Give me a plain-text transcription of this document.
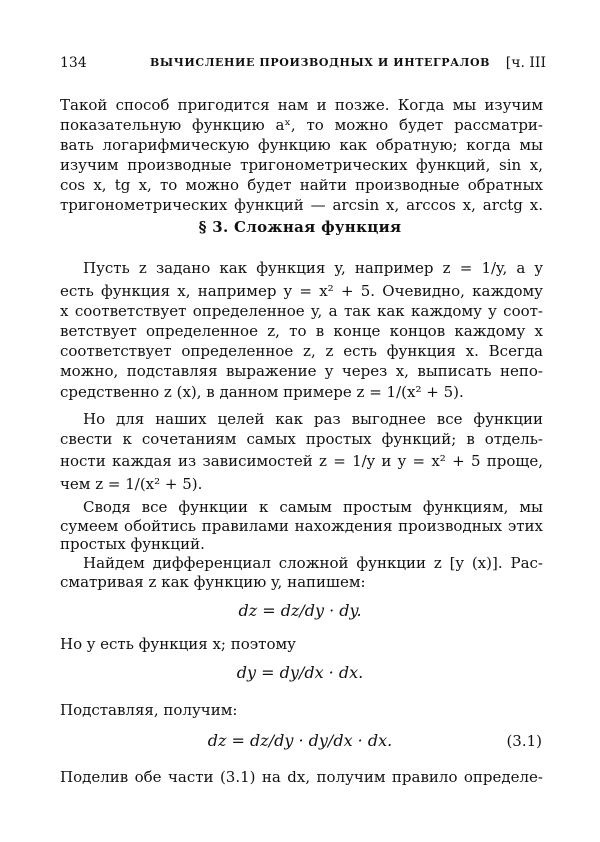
134	ВЫЧИСЛЕНИЕ ПРОИЗВОДНЫХ И ИНТЕГРАЛОВ [ч. III
Такой способ пригодится нам и позже. Когда мы изучим
показательную функцию aˣ, то можно будет рассматри-
вать логарифмическую функцию как обратную; когда мы
изучим производные тригонометрических функций, sin x,
cos x, tg x, то можно будет найти производные обратных
тригонометрических функций — arcsin x, arccos x, arctg x.
§ 3. Сложная функция
Пусть z задано как функция y, например z = 1/y, а y
есть функция x, например y = x² + 5. Очевидно, каждому
x соответствует определенное y, а так как каждому y соот-
ветствует определенное z, то в конце концов каждому x
соответствует определенное z, z есть функция x. Всегда
можно, подставляя выражение y через x, выписать непо-
средственно z (x), в данном примере z = 1/(x² + 5).
Но для наших целей как раз выгоднее все функции
свести к сочетаниям самых простых функций; в отдель-
ности каждая из зависимостей z = 1/y и y = x² + 5 проще,
чем z = 1/(x² + 5).
Сводя все функции к самым простым функциям, мы
сумеем обойтись правилами нахождения производных этих
простых функций.
Найдем дифференциал сложной функции z [y (x)]. Рас-
сматривая z как функцию y, напишем:
dz = dz/dy · dy.
Но y есть функция x; поэтому
dy = dy/dx · dx.
Подставляя, получим:
dz = dz/dy · dy/dx · dx.	(3.1)
Поделив обе части (3.1) на dx, получим правило определе-
